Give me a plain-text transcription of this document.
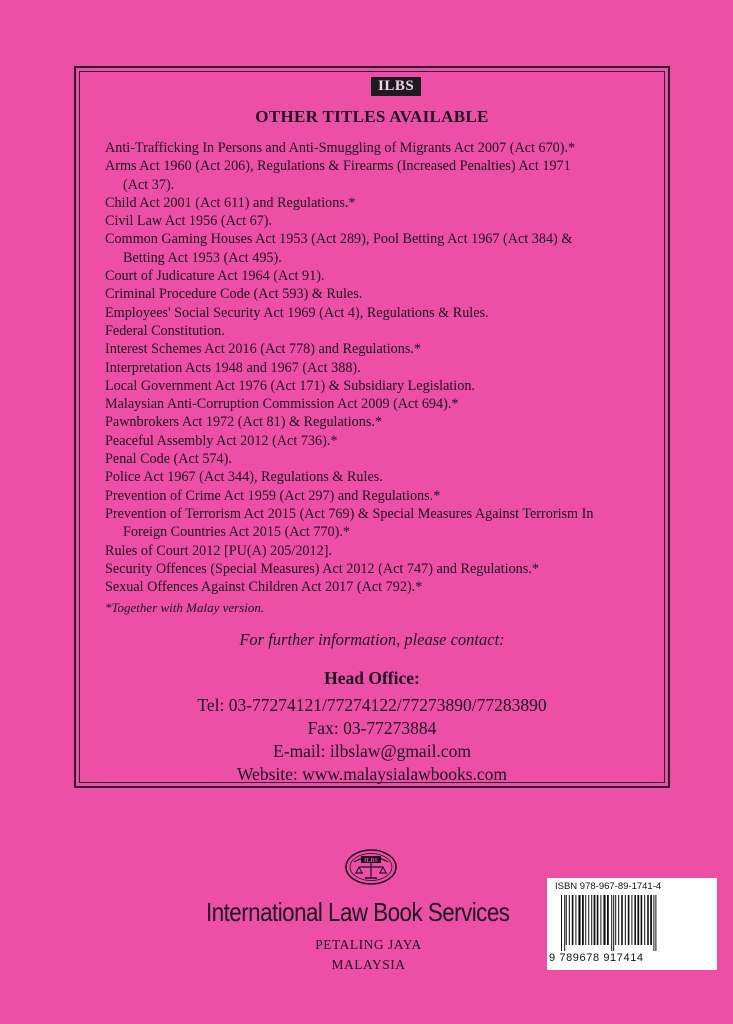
ILBS
OTHER TITLES AVAILABLE
Anti-Trafficking In Persons and Anti-Smuggling of Migrants Act 2007 (Act 670).*
Arms Act 1960 (Act 206), Regulations & Firearms (Increased Penalties) Act 1971
(Act 37).
Child Act 2001 (Act 611) and Regulations.*
Civil Law Act 1956 (Act 67).
Common Gaming Houses Act 1953 (Act 289), Pool Betting Act 1967 (Act 384) &
Betting Act 1953 (Act 495).
Court of Judicature Act 1964 (Act 91).
Criminal Procedure Code (Act 593) & Rules.
Employees' Social Security Act 1969 (Act 4), Regulations & Rules.
Federal Constitution.
Interest Schemes Act 2016 (Act 778) and Regulations.*
Interpretation Acts 1948 and 1967 (Act 388).
Local Government Act 1976 (Act 171) & Subsidiary Legislation.
Malaysian Anti-Corruption Commission Act 2009 (Act 694).*
Pawnbrokers Act 1972 (Act 81) & Regulations.*
Peaceful Assembly Act 2012 (Act 736).*
Penal Code (Act 574).
Police Act 1967 (Act 344), Regulations & Rules.
Prevention of Crime Act 1959 (Act 297) and Regulations.*
Prevention of Terrorism Act 2015 (Act 769) & Special Measures Against Terrorism In
Foreign Countries Act 2015 (Act 770).*
Rules of Court 2012 [PU(A) 205/2012].
Security Offences (Special Measures) Act 2012 (Act 747) and Regulations.*
Sexual Offences Against Children Act 2017 (Act 792).*
*Together with Malay version.
For further information, please contact:
Head Office:
Tel: 03-77274121/77274122/77273890/77283890
Fax: 03-77273884
E-mail: ilbslaw@gmail.com
Website: www.malaysialawbooks.com
ILBS
International Law Book Services
PETALING JAYA
MALAYSIA
ISBN 978-967-89-1741-4
9 789678 917414
